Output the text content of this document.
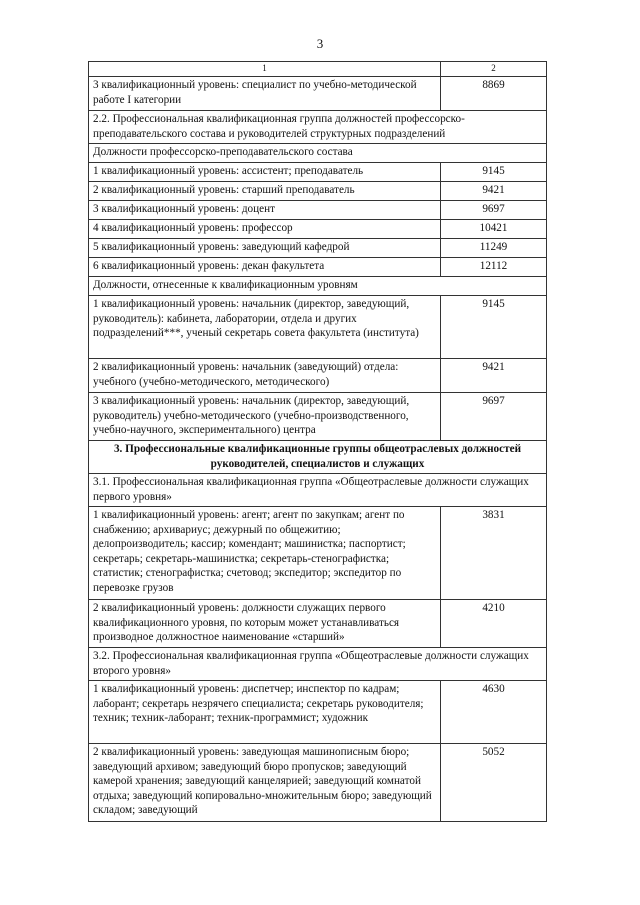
3
1	2
3 квалификационный уровень: специалист по учебно-методической работе I категории	8869
2.2. Профессиональная квалификационная группа должностей профессорско-преподавательского состава и руководителей структурных подразделений	
Должности профессорско-преподавательского состава	
1 квалификационный уровень: ассистент; преподаватель	9145
2 квалификационный уровень: старший преподаватель	9421
3 квалификационный уровень: доцент	9697
4 квалификационный уровень: профессор	10421
5 квалификационный уровень: заведующий кафедрой	11249
6 квалификационный уровень: декан факультета	12112
Должности, отнесенные к квалификационным уровням	
1 квалификационный уровень: начальник (директор, заведующий, руководитель): кабинета, лаборатории, отдела и других подразделений***, ученый секретарь совета факультета (института)	9145
2 квалификационный уровень: начальник (заведующий) отдела: учебного (учебно-методического, методического)	9421
3 квалификационный уровень: начальник (директор, заведующий, руководитель) учебно-методического (учебно-производственного, учебно-научного, экспериментального) центра	9697
3. Профессиональные квалификационные группы общеотраслевых должностей руководителей, специалистов и служащих	
3.1. Профессиональная квалификационная группа «Общеотраслевые должности служащих первого уровня»	
1 квалификационный уровень: агент; агент по закупкам; агент по снабжению; архивариус; дежурный по общежитию; делопроизводитель; кассир; комендант; машинистка; паспортист; секретарь; секретарь-машинистка; секретарь-стенографистка; статистик; стенографистка; счетовод; экспедитор; экспедитор по перевозке грузов	3831
2 квалификационный уровень: должности служащих первого квалификационного уровня, по которым может устанавливаться производное должностное наименование «старший»	4210
3.2. Профессиональная квалификационная группа «Общеотраслевые должности служащих второго уровня»	
1 квалификационный уровень: диспетчер; инспектор по кадрам; лаборант; секретарь незрячего специалиста; секретарь руководителя; техник; техник-лаборант; техник-программист; художник	4630
2 квалификационный уровень: заведующая машинописным бюро; заведующий архивом; заведующий бюро пропусков; заведующий камерой хранения; заведующий канцелярией; заведующий комнатой отдыха; заведующий копировально-множительным бюро; заведующий складом; заведующий	5052
